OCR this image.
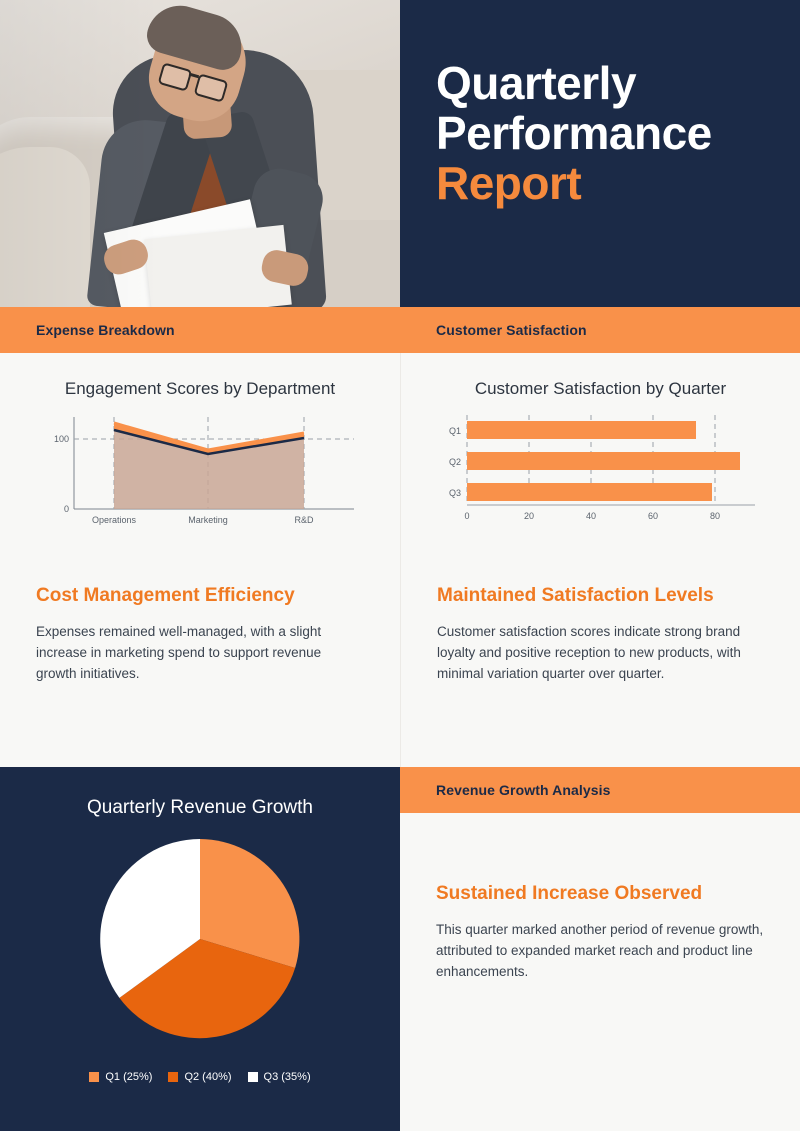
Quarterly
Performance
Report
Expense Breakdown	Customer Satisfaction
Engagement Scores by Department
100
0
Operations	Marketing	R&D
Cost Management Efficiency
Expenses remained well-managed, with a slight increase in marketing spend to support revenue growth initiatives.
Customer Satisfaction by Quarter
Q1
Q2
Q3
0	20	40	60	80
Maintained Satisfaction Levels
Customer satisfaction scores indicate strong brand loyalty and positive reception to new products, with minimal variation quarter over quarter.
Quarterly Revenue Growth
Q1 (25%)	Q2 (40%)	Q3 (35%)
Revenue Growth Analysis
Sustained Increase Observed
This quarter marked another period of revenue growth, attributed to expanded market reach and product line enhancements.
